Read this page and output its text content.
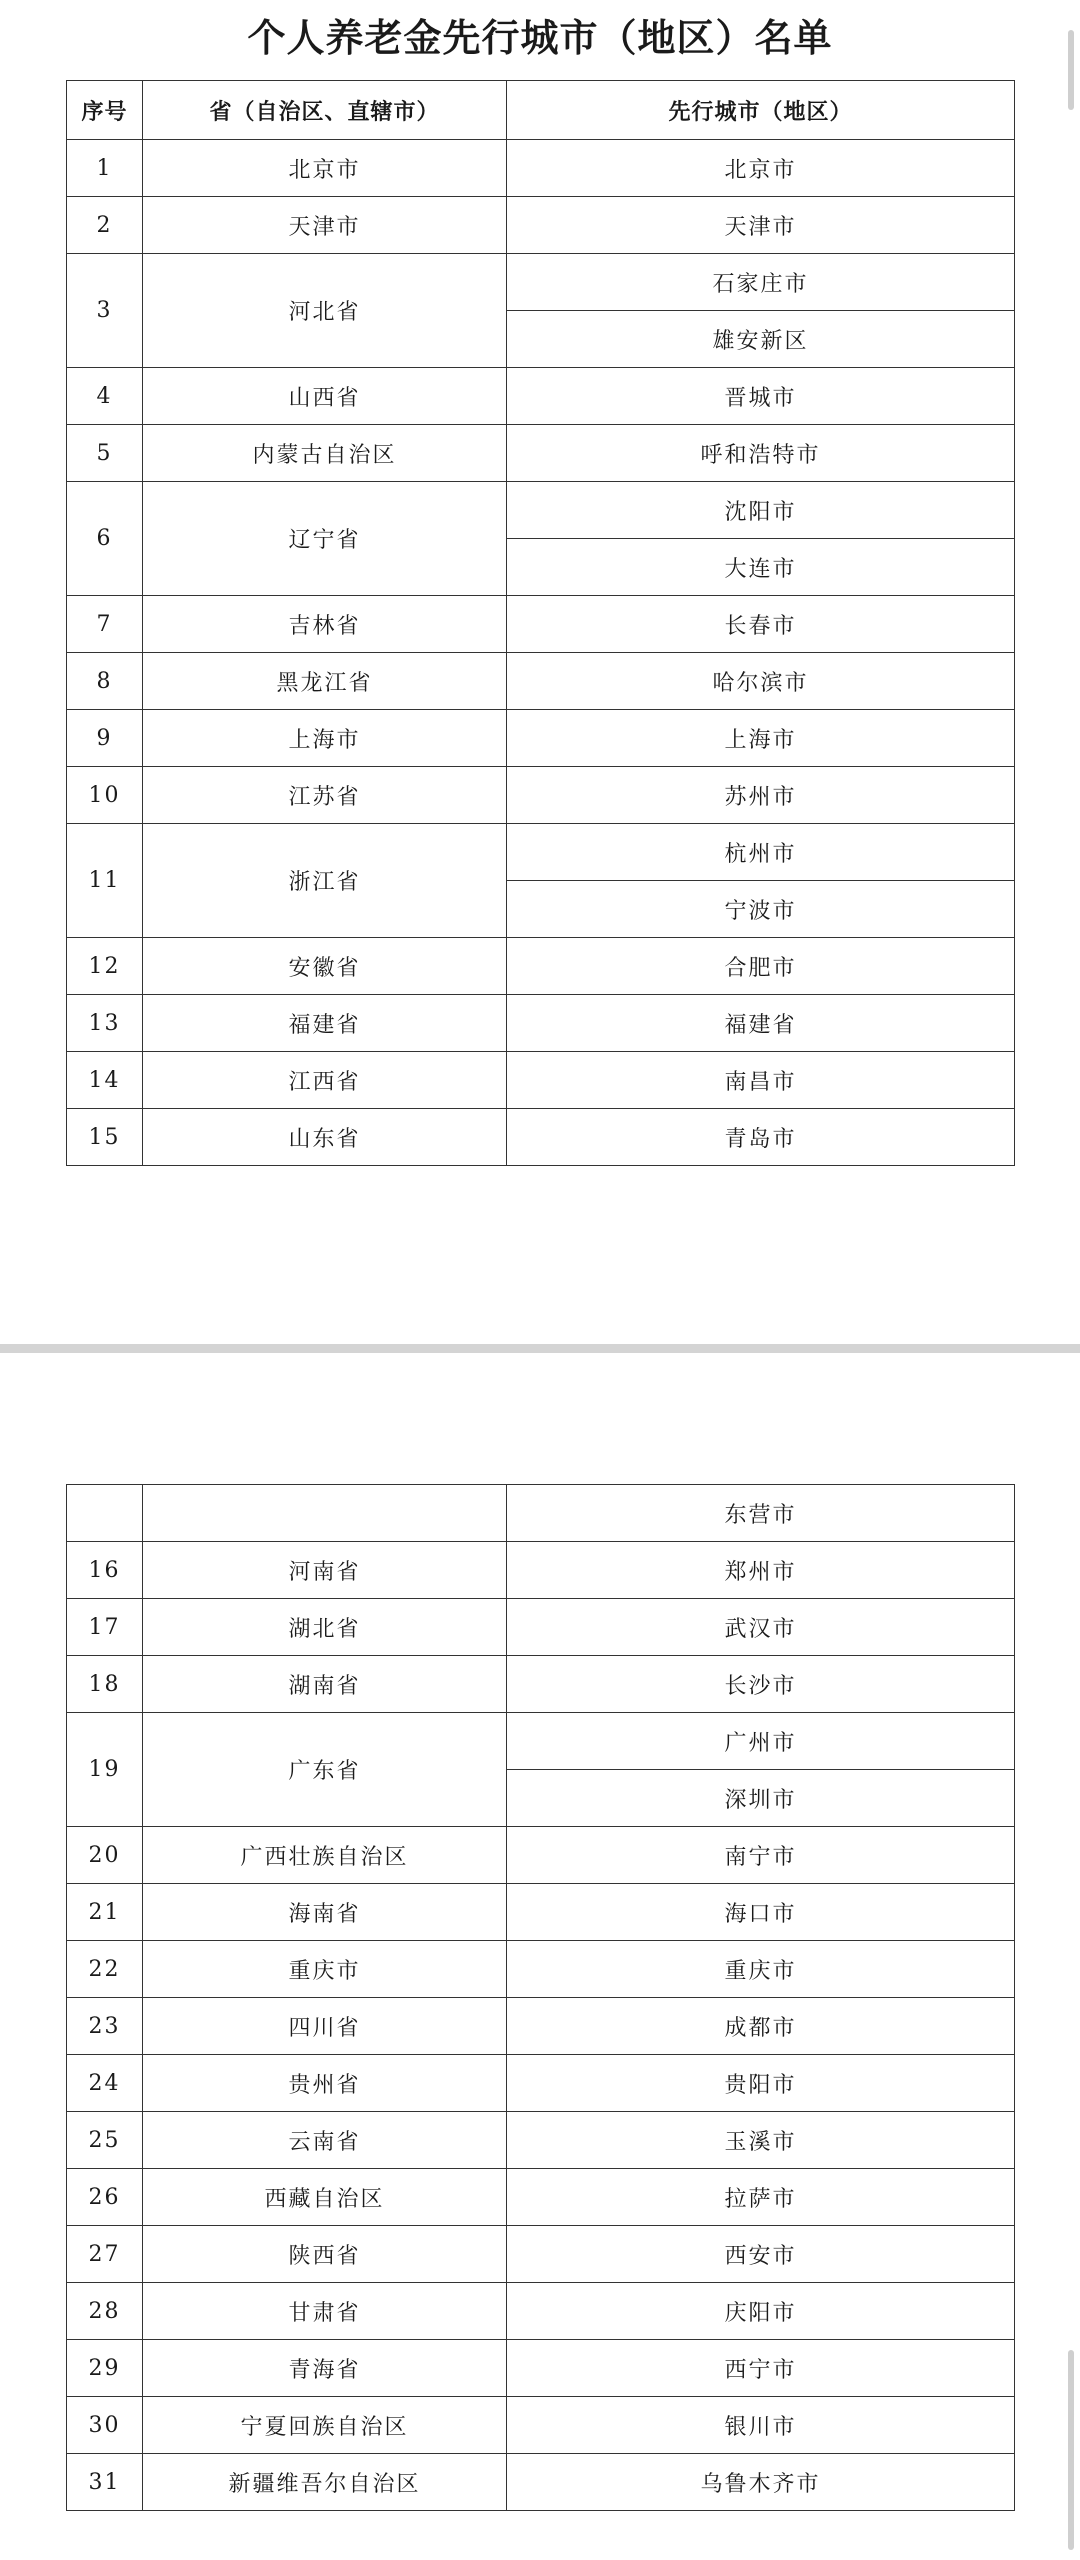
个人养老金先行城市（地区）名单
序号	省（自治区、直辖市）	先行城市（地区）
1	北京市	北京市
2	天津市	天津市
3	河北省	石家庄市
		雄安新区
4	山西省	晋城市
5	内蒙古自治区	呼和浩特市
6	辽宁省	沈阳市
		大连市
7	吉林省	长春市
8	黑龙江省	哈尔滨市
9	上海市	上海市
10	江苏省	苏州市
11	浙江省	杭州市
		宁波市
12	安徽省	合肥市
13	福建省	福建省
14	江西省	南昌市
15	山东省	青岛市
		东营市
16	河南省	郑州市
17	湖北省	武汉市
18	湖南省	长沙市
19	广东省	广州市
		深圳市
20	广西壮族自治区	南宁市
21	海南省	海口市
22	重庆市	重庆市
23	四川省	成都市
24	贵州省	贵阳市
25	云南省	玉溪市
26	西藏自治区	拉萨市
27	陕西省	西安市
28	甘肃省	庆阳市
29	青海省	西宁市
30	宁夏回族自治区	银川市
31	新疆维吾尔自治区	乌鲁木齐市
